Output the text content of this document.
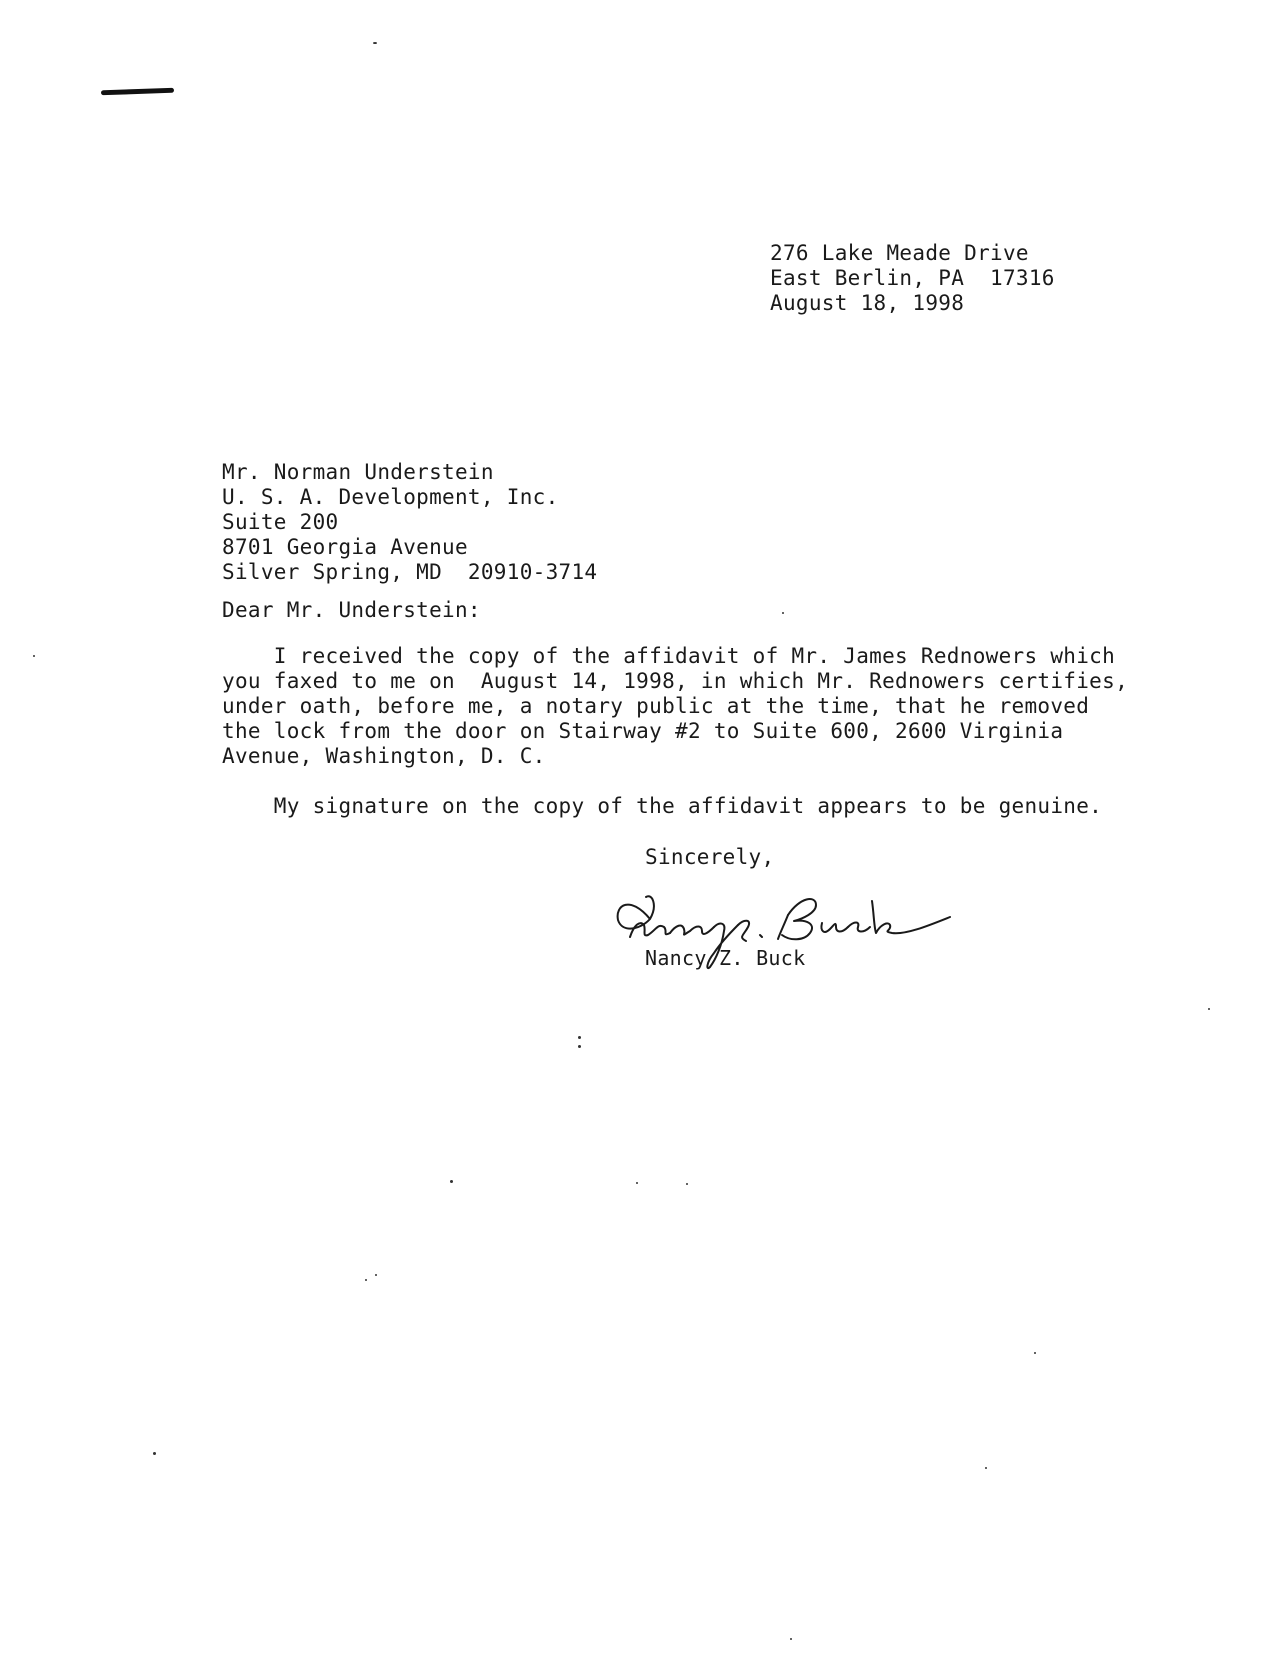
276 Lake Meade Drive
East Berlin, PA  17316
August 18, 1998
Mr. Norman Understein
U. S. A. Development, Inc.
Suite 200
8701 Georgia Avenue
Silver Spring, MD  20910-3714
Dear Mr. Understein:
I received the copy of the affidavit of Mr. James Rednowers which
you faxed to me on  August 14, 1998, in which Mr. Rednowers certifies,
under oath, before me, a notary public at the time, that he removed
the lock from the door on Stairway #2 to Suite 600, 2600 Virginia
Avenue, Washington, D. C.
My signature on the copy of the affidavit appears to be genuine.
Sincerely,
Nancy Z. Buck
Nancy Z. Buck
